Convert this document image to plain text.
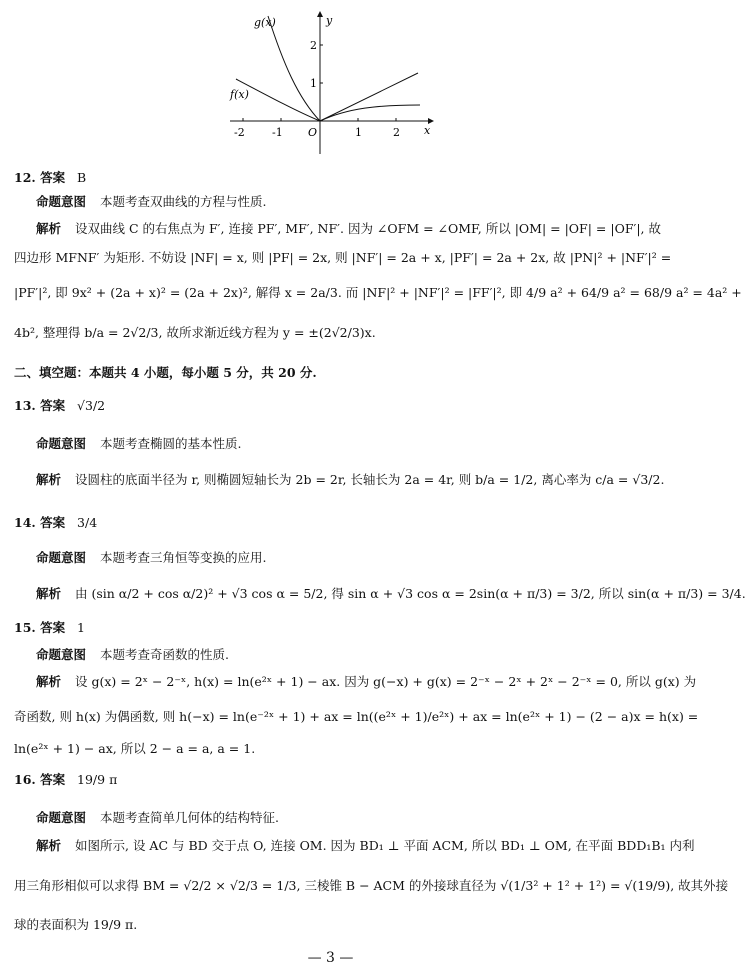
g(x)
f(x)
y
x
O
-2 -1	1	2
1
2
12. 答案 B
命题意图 本题考查双曲线的方程与性质.
解析 设双曲线 C 的右焦点为 F′, 连接 PF′, MF′, NF′. 因为 ∠OFM = ∠OMF, 所以 |OM| = |OF| = |OF′|, 故
四边形 MFNF′ 为矩形. 不妨设 |NF| = x, 则 |PF| = 2x, 则 |NF′| = 2a + x, |PF′| = 2a + 2x, 故 |PN|² + |NF′|² =
|PF′|², 即 9x² + (2a + x)² = (2a + 2x)², 解得 x = 2a/3. 而 |NF|² + |NF′|² = |FF′|², 即 4/9 a² + 64/9 a² = 68/9 a² = 4a² +
4b², 整理得 b/a = 2√2/3, 故所求渐近线方程为 y = ±(2√2/3)x.
二、填空题：本题共 4 小题，每小题 5 分，共 20 分.
13. 答案 √3/2
命题意图 本题考查椭圆的基本性质.
解析 设圆柱的底面半径为 r, 则椭圆短轴长为 2b = 2r, 长轴长为 2a = 4r, 则 b/a = 1/2, 离心率为 c/a = √3/2.
14. 答案 3/4
命题意图 本题考查三角恒等变换的应用.
解析 由 (sin α/2 + cos α/2)² + √3 cos α = 5/2, 得 sin α + √3 cos α = 2sin(α + π/3) = 3/2, 所以 sin(α + π/3) = 3/4.
15. 答案 1
命题意图 本题考查奇函数的性质.
解析 设 g(x) = 2ˣ − 2⁻ˣ, h(x) = ln(e²ˣ + 1) − ax. 因为 g(−x) + g(x) = 2⁻ˣ − 2ˣ + 2ˣ − 2⁻ˣ = 0, 所以 g(x) 为
奇函数, 则 h(x) 为偶函数, 则 h(−x) = ln(e⁻²ˣ + 1) + ax = ln((e²ˣ + 1)/e²ˣ) + ax = ln(e²ˣ + 1) − (2 − a)x = h(x) =
ln(e²ˣ + 1) − ax, 所以 2 − a = a, a = 1.
16. 答案 19/9 π
命题意图 本题考查简单几何体的结构特征.
解析 如图所示, 设 AC 与 BD 交于点 O, 连接 OM. 因为 BD₁ ⊥ 平面 ACM, 所以 BD₁ ⊥ OM, 在平面 BDD₁B₁ 内利
用三角形相似可以求得 BM = √2/2 × √2/3 = 1/3, 三棱锥 B − ACM 的外接球直径为 √(1/3² + 1² + 1²) = √(19/9), 故其外接
球的表面积为 19/9 π.
— 3 —
